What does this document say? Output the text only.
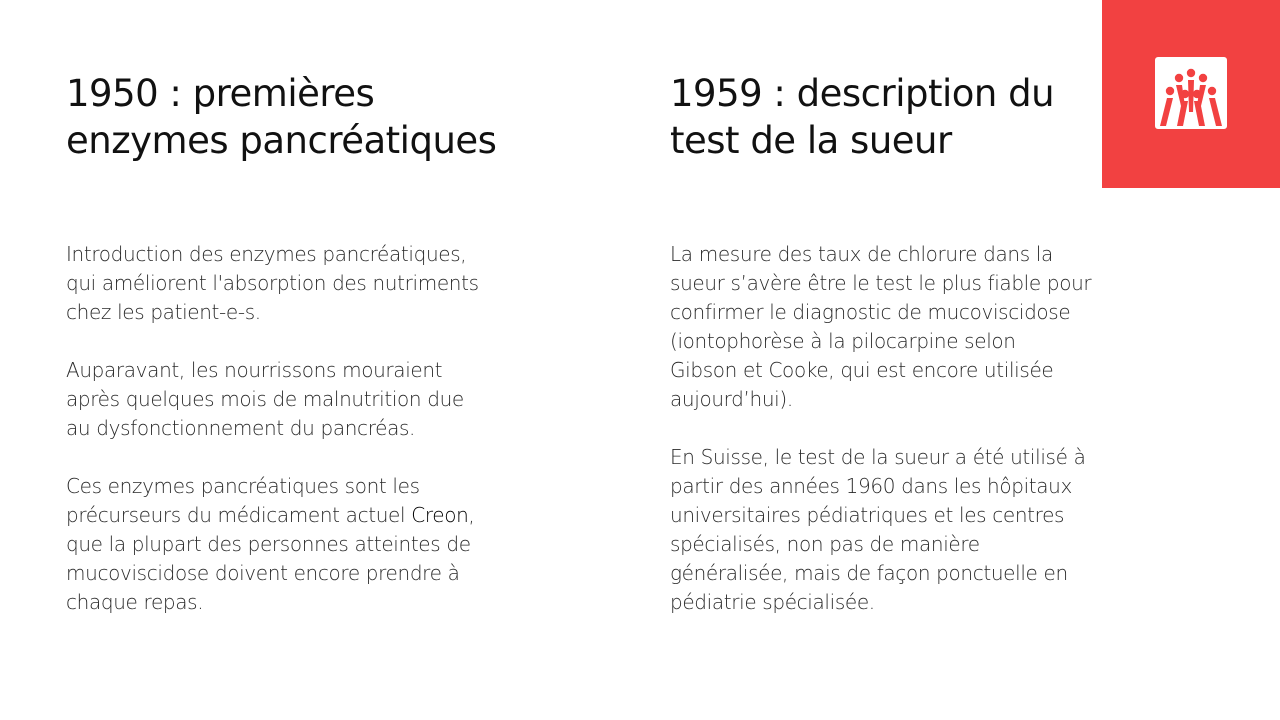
1950 : premières
enzymes pancréatiques

Introduction des enzymes pancréatiques,
qui améliorent l'absorption des nutriments
chez les patient-e-s.

Auparavant, les nourrissons mouraient
après quelques mois de malnutrition due
au dysfonctionnement du pancréas.

Ces enzymes pancréatiques sont les
précurseurs du médicament actuel Creon,
que la plupart des personnes atteintes de
mucoviscidose doivent encore prendre à
chaque repas.

1959 : description du
test de la sueur

La mesure des taux de chlorure dans la
sueur s’avère être le test le plus fiable pour
confirmer le diagnostic de mucoviscidose
(iontophorèse à la pilocarpine selon
Gibson et Cooke, qui est encore utilisée
aujourd’hui).

En Suisse, le test de la sueur a été utilisé à
partir des années 1960 dans les hôpitaux
universitaires pédiatriques et les centres
spécialisés, non pas de manière
généralisée, mais de façon ponctuelle en
pédiatrie spécialisée.
